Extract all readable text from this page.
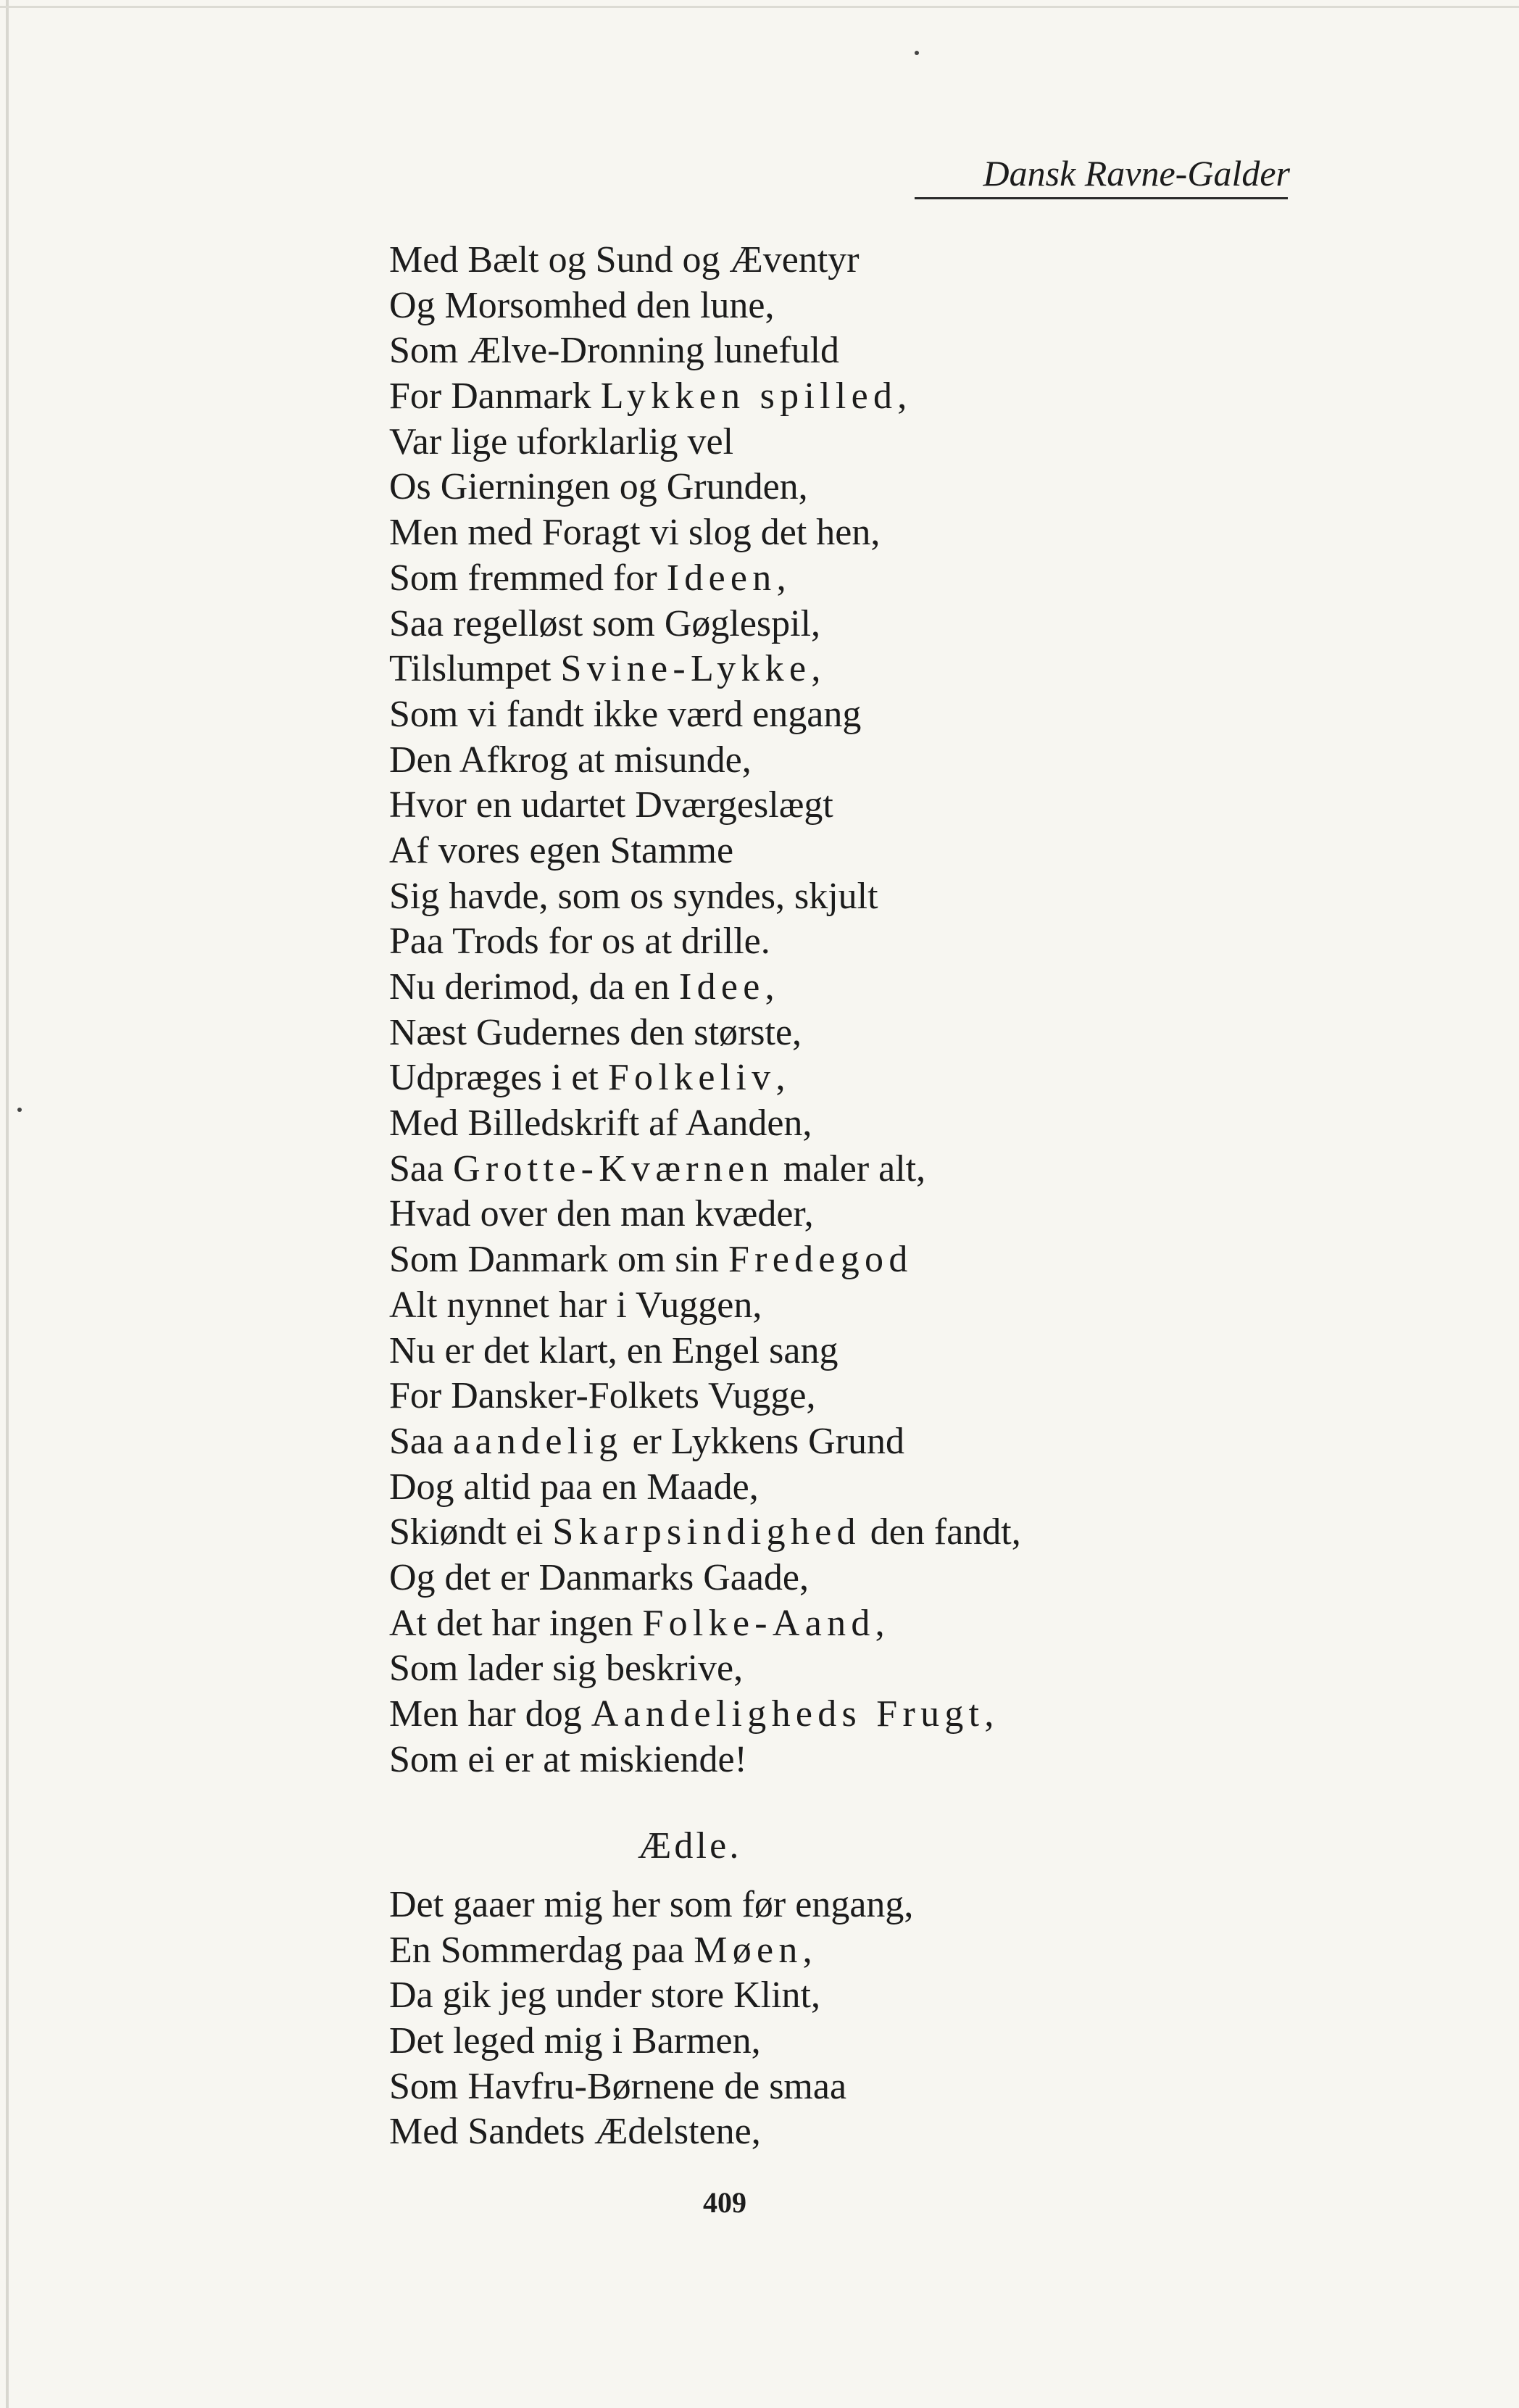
Dansk Ravne-Galder
Med Bælt og Sund og Æventyr
Og Morsomhed den lune,
Som Ælve-Dronning lunefuld
For Danmark Lykken spilled,
Var lige uforklarlig vel
Os Gierningen og Grunden,
Men med Foragt vi slog det hen,
Som fremmed for Ideen,
Saa regelløst som Gøglespil,
Tilslumpet Svine-Lykke,
Som vi fandt ikke værd engang
Den Afkrog at misunde,
Hvor en udartet Dværgeslægt
Af vores egen Stamme
Sig havde, som os syndes, skjult
Paa Trods for os at drille.
Nu derimod, da en Idee,
Næst Gudernes den største,
Udpræges i et Folkeliv,
Med Billedskrift af Aanden,
Saa Grotte-Kværnen maler alt,
Hvad over den man kvæder,
Som Danmark om sin Fredegod
Alt nynnet har i Vuggen,
Nu er det klart, en Engel sang
For Dansker-Folkets Vugge,
Saa aandelig er Lykkens Grund
Dog altid paa en Maade,
Skiøndt ei Skarpsindighed den fandt,
Og det er Danmarks Gaade,
At det har ingen Folke-Aand,
Som lader sig beskrive,
Men har dog Aandeligheds Frugt,
Som ei er at miskiende!
Ædle.
Det gaaer mig her som før engang,
En Sommerdag paa Møen,
Da gik jeg under store Klint,
Det leged mig i Barmen,
Som Havfru-Børnene de smaa
Med Sandets Ædelstene,
409
